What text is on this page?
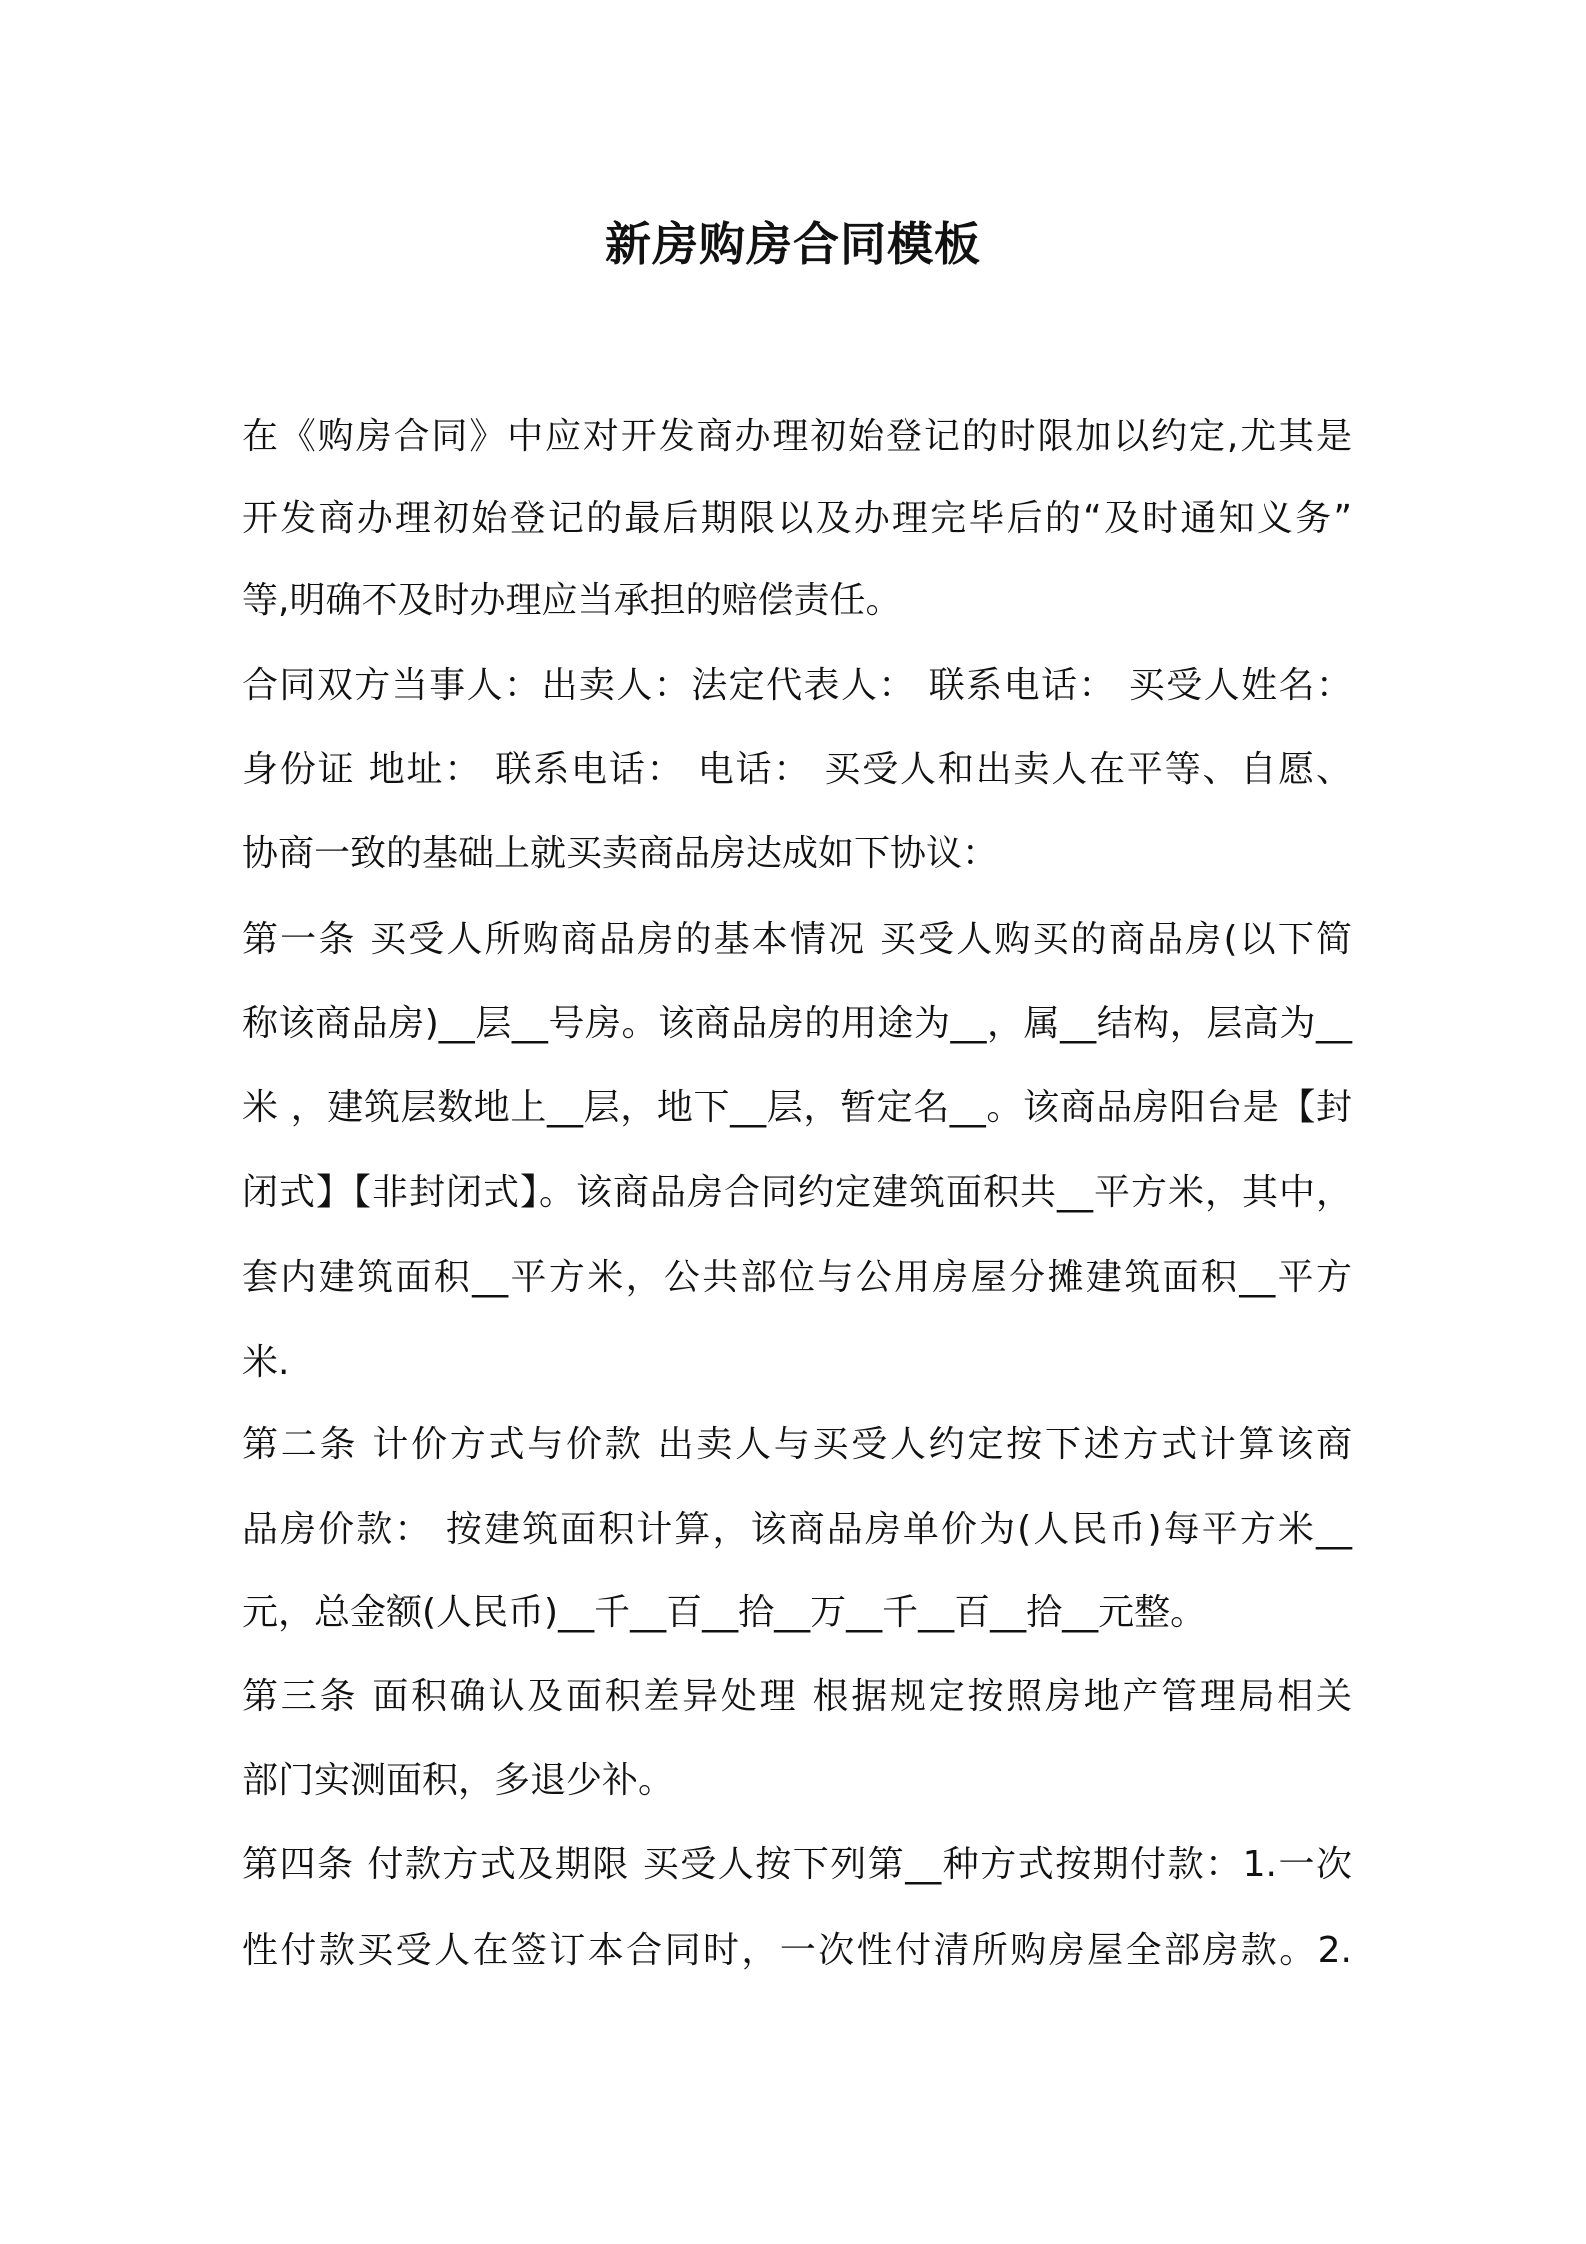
新房购房合同模板

在《购房合同》中应对开发商办理初始登记的时限加以约定,尤其是

开发商办理初始登记的最后期限以及办理完毕后的“及时通知义务”

等,明确不及时办理应当承担的赔偿责任。

合同双方当事人：出卖人：法定代表人： 联系电话： 买受人姓名：

身份证 地址： 联系电话： 电话： 买受人和出卖人在平等、自愿、

协商一致的基础上就买卖商品房达成如下协议：

第一条 买受人所购商品房的基本情况 买受人购买的商品房(以下简

称该商品房)__层__号房。该商品房的用途为__，属__结构，层高为__

米 ，建筑层数地上__层，地下__层，暂定名__。该商品房阳台是【封

闭式】【非封闭式】。该商品房合同约定建筑面积共__平方米，其中，

套内建筑面积__平方米，公共部位与公用房屋分摊建筑面积__平方

米.

第二条 计价方式与价款 出卖人与买受人约定按下述方式计算该商

品房价款： 按建筑面积计算，该商品房单价为(人民币)每平方米__

元，总金额(人民币)__千__百__拾__万__千__百__拾__元整。

第三条 面积确认及面积差异处理 根据规定按照房地产管理局相关

部门实测面积，多退少补。

第四条 付款方式及期限 买受人按下列第__种方式按期付款：1.一次

性付款买受人在签订本合同时，一次性付清所购房屋全部房款。2.
